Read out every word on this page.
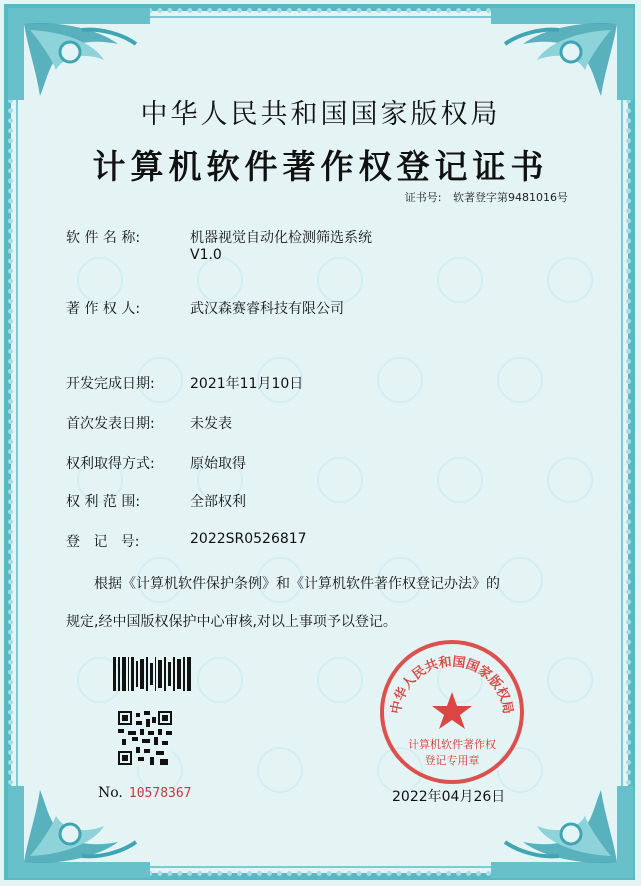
中华人民共和国国家版权局
计算机软件著作权登记证书
证书号: 软著登字第9481016号
软 件 名 称:	机器视觉自动化检测筛选系统
V1.0
著 作 权 人:	武汉森赛睿科技有限公司
开发完成日期:	2021年11月10日
首次发表日期:	未发表
权利取得方式:	原始取得
权 利 范 围:	全部权利
登   记   号:	2022SR0526817
根据《计算机软件保护条例》和《计算机软件著作权登记办法》的
规定,经中国版权保护中心审核,对以上事项予以登记。
No. 10578367
中华人民共和国国家版权局
计算机软件著作权
登记专用章
2022年04月26日
